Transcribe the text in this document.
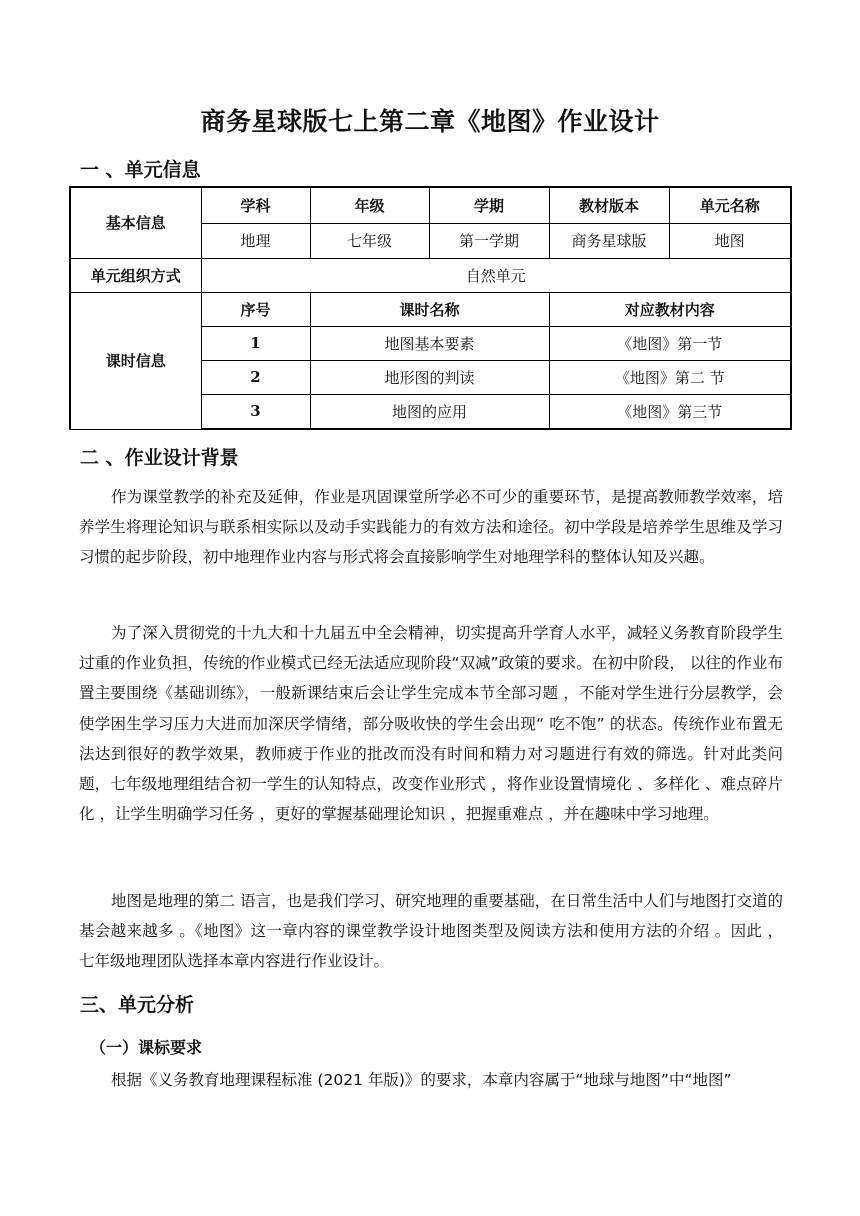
商务星球版七上第二章《地图》作业设计
一 、单元信息
基本信息	学科	年级	学期	教材版本	单元名称
	地理	七年级	第一学期	商务星球版	地图
单元组织方式	自然单元				
课时信息	序号	课时名称		对应教材内容	
	1	地图基本要素		《地图》第一节	
	2	地形图的判读		《地图》第二 节	
	3	地图的应用		《地图》第三节	
二 、作业设计背景

作为课堂教学的补充及延伸，作业是巩固课堂所学必不可少的重要环节，是提高教师教学效率，培养学生将理论知识与联系相实际以及动手实践能力的有效方法和途径。初中学段是培养学生思维及学习习惯的起步阶段，初中地理作业内容与形式将会直接影响学生对地理学科的整体认知及兴趣。

为了深入贯彻党的十九大和十九届五中全会精神，切实提高升学育人水平，减轻义务教育阶段学生过重的作业负担，传统的作业模式已经无法适应现阶段“双减”政策的要求。在初中阶段， 以往的作业布置主要围绕《基础训练》，一般新课结束后会让学生完成本节全部习题 ，不能对学生进行分层教学，会使学困生学习压力大进而加深厌学情绪，部分吸收快的学生会出现“ 吃不饱” 的状态。传统作业布置无法达到很好的教学效果，教师疲于作业的批改而没有时间和精力对习题进行有效的筛选。针对此类问题，七年级地理组结合初一学生的认知特点，改变作业形式 ，将作业设置情境化 、多样化 、难点碎片化 ，让学生明确学习任务 ，更好的掌握基础理论知识 ，把握重难点 ，并在趣味中学习地理。

地图是地理的第二 语言，也是我们学习、研究地理的重要基础，在日常生活中人们与地图打交道的基会越来越多 。《地图》这一章内容的课堂教学设计地图类型及阅读方法和使用方法的介绍 。因此 ，七年级地理团队选择本章内容进行作业设计。

三、单元分析
（一）课标要求

根据《义务教育地理课程标准 (2021 年版)》的要求，本章内容属于“地球与地图”中“地图”
